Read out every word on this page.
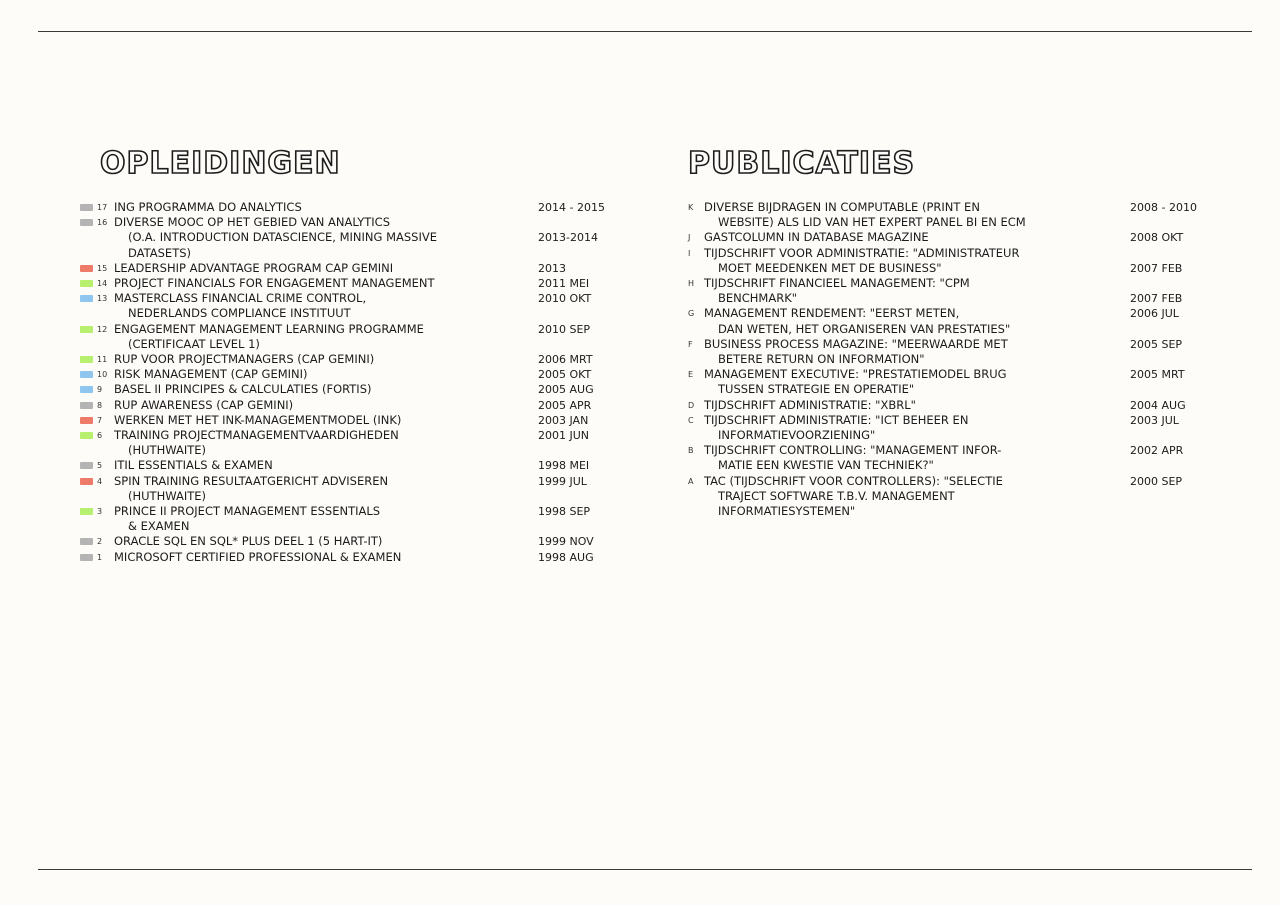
OPLEIDINGEN
17 ING PROGRAMMA DO ANALYTICS	2014 - 2015
16 DIVERSE MOOC OP HET GEBIED VAN ANALYTICS
(O.A. INTRODUCTION DATASCIENCE, MINING MASSIVE
DATASETS)
2013-2014
15 LEADERSHIP ADVANTAGE PROGRAM CAP GEMINI	2013
14 PROJECT FINANCIALS FOR ENGAGEMENT MANAGEMENT	2011 MEI
13 MASTERCLASS FINANCIAL CRIME CONTROL,
NEDERLANDS COMPLIANCE INSTITUUT
2010 OKT
12 ENGAGEMENT MANAGEMENT LEARNING PROGRAMME
(CERTIFICAAT LEVEL 1)
2010 SEP
11 RUP VOOR PROJECTMANAGERS (CAP GEMINI)	2006 MRT
10 RISK MANAGEMENT (CAP GEMINI)	2005 OKT
9 BASEL II PRINCIPES & CALCULATIES (FORTIS)	2005 AUG
8 RUP AWARENESS (CAP GEMINI)	2005 APR
7 WERKEN MET HET INK-MANAGEMENTMODEL (INK)	2003 JAN
6 TRAINING PROJECTMANAGEMENTVAARDIGHEDEN
(HUTHWAITE)
2001 JUN
5 ITIL ESSENTIALS & EXAMEN	1998 MEI
4 SPIN TRAINING RESULTAATGERICHT ADVISEREN
(HUTHWAITE)
1999 JUL
3 PRINCE II PROJECT MANAGEMENT ESSENTIALS
& EXAMEN
1998 SEP
2 ORACLE SQL EN SQL* PLUS DEEL 1 (5 HART-IT)	1999 NOV
1 MICROSOFT CERTIFIED PROFESSIONAL & EXAMEN	1998 AUG
PUBLICATIES
K DIVERSE BIJDRAGEN IN COMPUTABLE (PRINT EN
WEBSITE) ALS LID VAN HET EXPERT PANEL BI EN ECM
2008 - 2010
J GASTCOLUMN IN DATABASE MAGAZINE	2008 OKT
I TIJDSCHRIFT VOOR ADMINISTRATIE: "ADMINISTRATEUR
MOET MEEDENKEN MET DE BUSINESS"	2007 FEB
H TIJDSCHRIFT FINANCIEEL MANAGEMENT: "CPM
BENCHMARK"	2007 FEB
G MANAGEMENT RENDEMENT: "EERST METEN,
DAN WETEN, HET ORGANISEREN VAN PRESTATIES"
2006 JUL
F BUSINESS PROCESS MAGAZINE: "MEERWAARDE MET
BETERE RETURN ON INFORMATION"
2005 SEP
E MANAGEMENT EXECUTIVE: "PRESTATIEMODEL BRUG
TUSSEN STRATEGIE EN OPERATIE"
2005 MRT
D TIJDSCHRIFT ADMINISTRATIE: "XBRL"	2004 AUG
C TIJDSCHRIFT ADMINISTRATIE: "ICT BEHEER EN
INFORMATIEVOORZIENING"
2003 JUL
B TIJDSCHRIFT CONTROLLING: "MANAGEMENT INFOR-
MATIE EEN KWESTIE VAN TECHNIEK?"
2002 APR
A TAC (TIJDSCHRIFT VOOR CONTROLLERS): "SELECTIE
TRAJECT SOFTWARE T.B.V. MANAGEMENT
INFORMATIESYSTEMEN"
2000 SEP
